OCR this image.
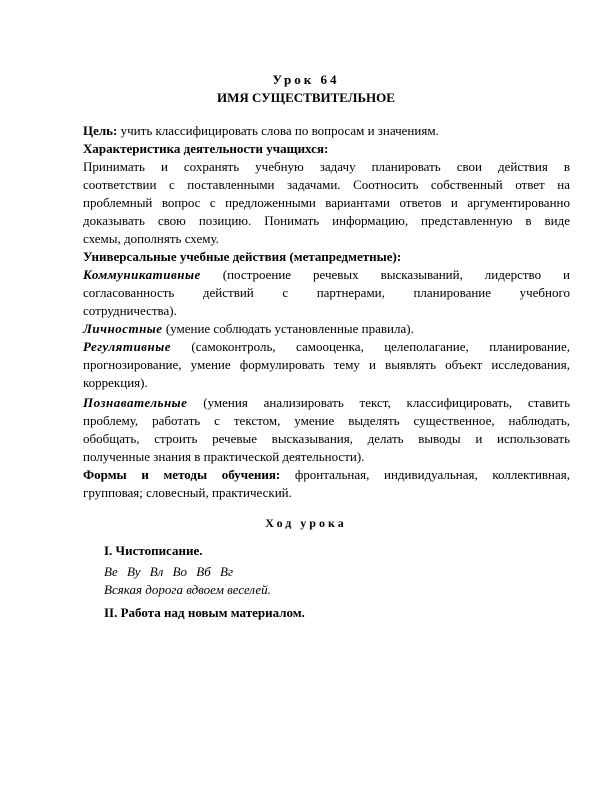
Урок 64
ИМЯ СУЩЕСТВИТЕЛЬНОЕ
Цель: учить классифицировать слова по вопросам и значениям.
Характеристика деятельности учащихся:
Принимать и сохранять учебную задачу планировать свои действия в
соответствии с поставленными задачами. Соотносить собственный ответ на
проблемный вопрос с предложенными вариантами ответов и аргументированно
доказывать свою позицию. Понимать информацию, представленную в виде
схемы, дополнять схему.
Универсальные учебные действия (метапредметные):
Коммуникативные (построение речевых высказываний, лидерство и
согласованность действий с партнерами, планирование учебного
сотрудничества).
Личностные (умение соблюдать установленные правила).
Регулятивные (самоконтроль, самооценка, целеполагание, планирование,
прогнозирование, умение формулировать тему и выявлять объект исследования,
коррекция).
Познавательные (умения анализировать текст, классифицировать, ставить
проблему, работать с текстом, умение выделять существенное, наблюдать,
обобщать, строить речевые высказывания, делать выводы и использовать
полученные знания в практической деятельности).
Формы и методы обучения: фронтальная, индивидуальная, коллективная,
групповая; словесный, практический.
Ход урока
I. Чистописание.
Ве Ву Вл Во Вб Вг
Всякая дорога вдвоем веселей.
II. Работа над новым материалом.
